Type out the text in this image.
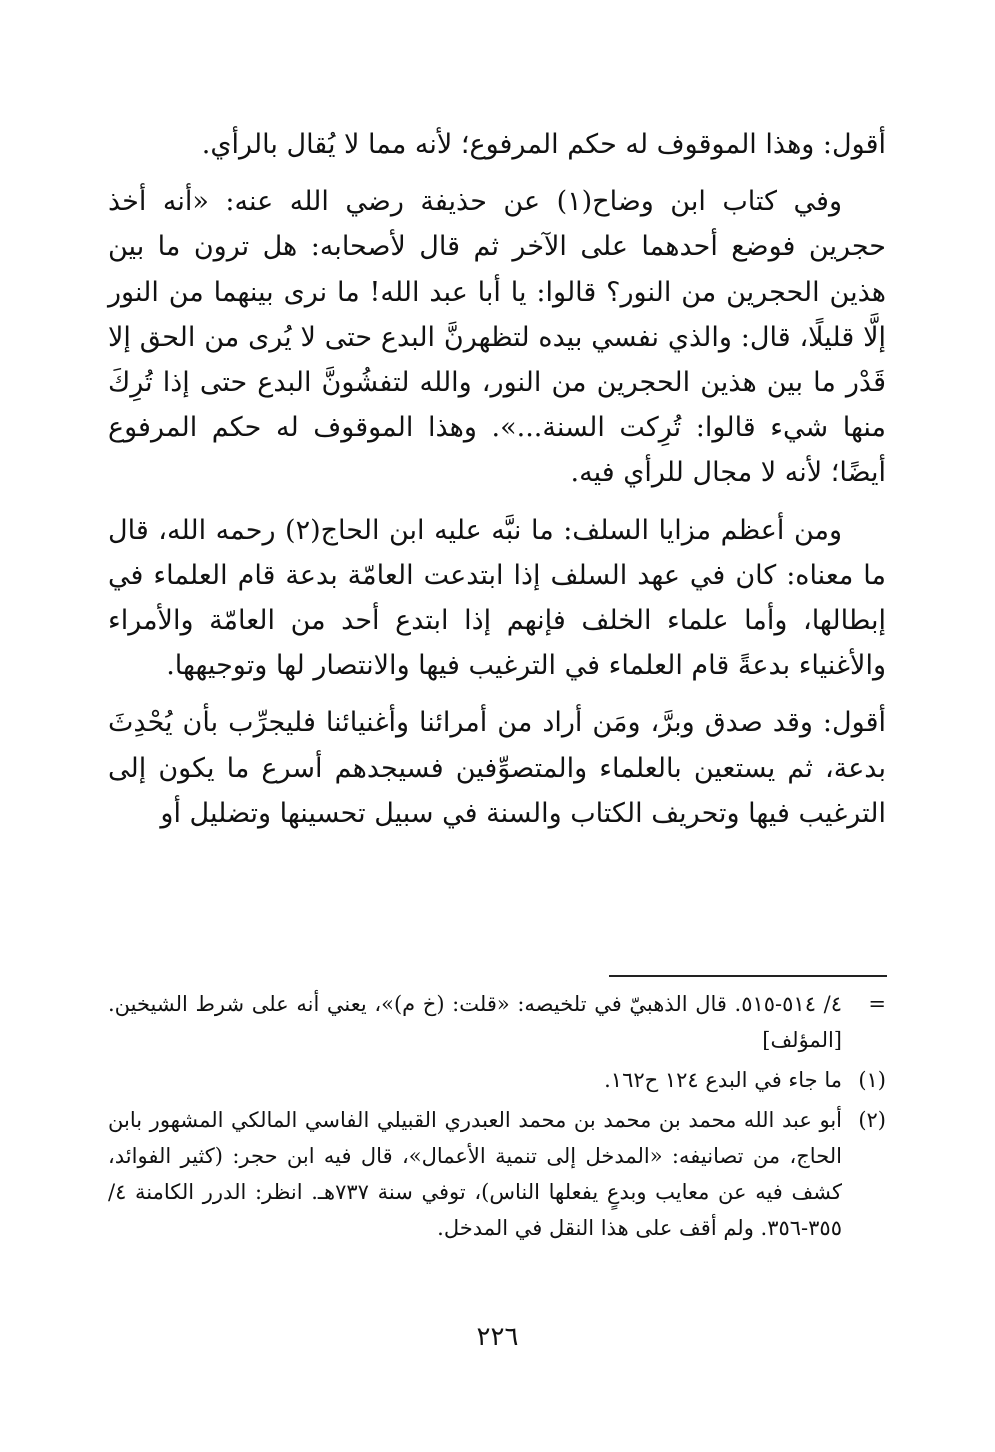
أقول: وهذا الموقوف له حكم المرفوع؛ لأنه مما لا يُقال بالرأي.

وفي كتاب ابن وضاح(١) عن حذيفة رضي الله عنه: «أنه أخذ حجرين فوضع أحدهما على الآخر ثم قال لأصحابه: هل ترون ما بين هذين الحجرين من النور؟ قالوا: يا أبا عبد الله! ما نرى بينهما من النور إلَّا قليلًا، قال: والذي نفسي بيده لتظهرنَّ البدع حتى لا يُرى من الحق إلا قَدْر ما بين هذين الحجرين من النور، والله لتفشُونَّ البدع حتى إذا تُرِكَ منها شيء قالوا: تُرِكت السنة...». وهذا الموقوف له حكم المرفوع أيضًا؛ لأنه لا مجال للرأي فيه.

ومن أعظم مزايا السلف: ما نبَّه عليه ابن الحاج(٢) رحمه الله، قال ما معناه: كان في عهد السلف إذا ابتدعت العامّة بدعة قام العلماء في إبطالها، وأما علماء الخلف فإنهم إذا ابتدع أحد من العامّة والأمراء والأغنياء بدعةً قام العلماء في الترغيب فيها والانتصار لها وتوجيهها.

أقول: وقد صدق وبرَّ، ومَن أراد من أمرائنا وأغنيائنا فليجرِّب بأن يُحْدِثَ بدعة، ثم يستعين بالعلماء والمتصوِّفين فسيجدهم أسرع ما يكون إلى الترغيب فيها وتحريف الكتاب والسنة في سبيل تحسينها وتضليل أو

=
٤/ ٥١٤-٥١٥. قال الذهبيّ في تلخيصه: «قلت: (خ م)»، يعني أنه على شرط الشيخين. [المؤلف]
(١)
ما جاء في البدع ١٢٤ ح١٦٢.
(٢)
أبو عبد الله محمد بن محمد بن محمد العبدري القبيلي الفاسي المالكي المشهور بابن الحاج، من تصانيفه: «المدخل إلى تنمية الأعمال»، قال فيه ابن حجر: (كثير الفوائد، كشف فيه عن معايب وبدعٍ يفعلها الناس)، توفي سنة ٧٣٧هـ. انظر: الدرر الكامنة ٤/ ٣٥٥-٣٥٦. ولم أقف على هذا النقل في المدخل.
٢٢٦
